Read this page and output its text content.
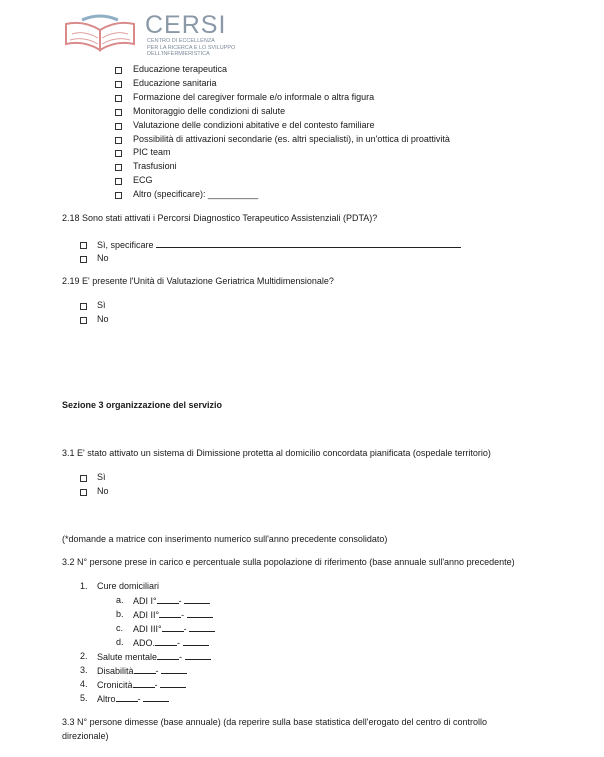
CERSI
CENTRO DI ECCELLENZA
PER LA RICERCA E LO SVILUPPO
DELL'INFERMIERISTICA
Educazione terapeutica
Educazione sanitaria
Formazione del caregiver formale e/o informale o altra figura
Monitoraggio delle condizioni di salute
Valutazione delle condizioni abitative e del contesto familiare
Possibilità di attivazioni secondarie (es. altri specialisti), in un'ottica di proattività
PIC team
Trasfusioni
ECG
Altro (specificare): __________
2.18 Sono stati attivati i Percorsi Diagnostico Terapeutico Assistenziali (PDTA)?
Sì, specificare
No
2.19 E' presente l'Unità di Valutazione Geriatrica Multidimensionale?
Sì
No
Sezione 3 organizzazione del servizio
3.1 E' stato attivato un sistema di Dimissione protetta al domicilio concordata pianificata (ospedale territorio)
Sì
No
(*domande a matrice con inserimento numerico sull'anno precedente consolidato)
3.2 N° persone prese in carico e percentuale sulla popolazione di riferimento (base annuale sull'anno precedente)
1. Cure domiciliari
a. ADI I° -
b. ADI II° -
c. ADI III° -
d. ADO. -
2. Salute mentale -
3. Disabilità -
4. Cronicità -
5. Altro -
3.3 N° persone dimesse (base annuale) (da reperire sulla base statistica dell'erogato del centro di controllo
direzionale)
